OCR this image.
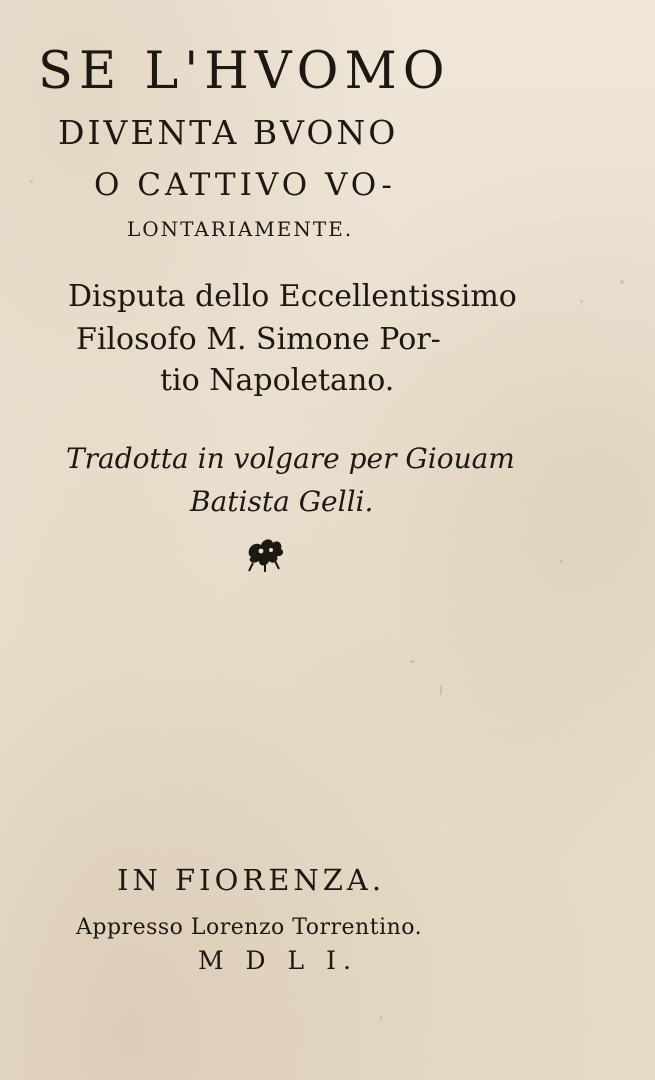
SE L'HVOMO
DIVENTA BVONO
O CATTIVO VO-
LONTARIAMENTE.
Disputa dello Eccellentissimo
Filosofo M. Simone Por-
tio Napoletano.
Tradotta in volgare per Giouam
Batista Gelli.
IN FIORENZA.
Appresso Lorenzo Torrentino.
M D L I.
